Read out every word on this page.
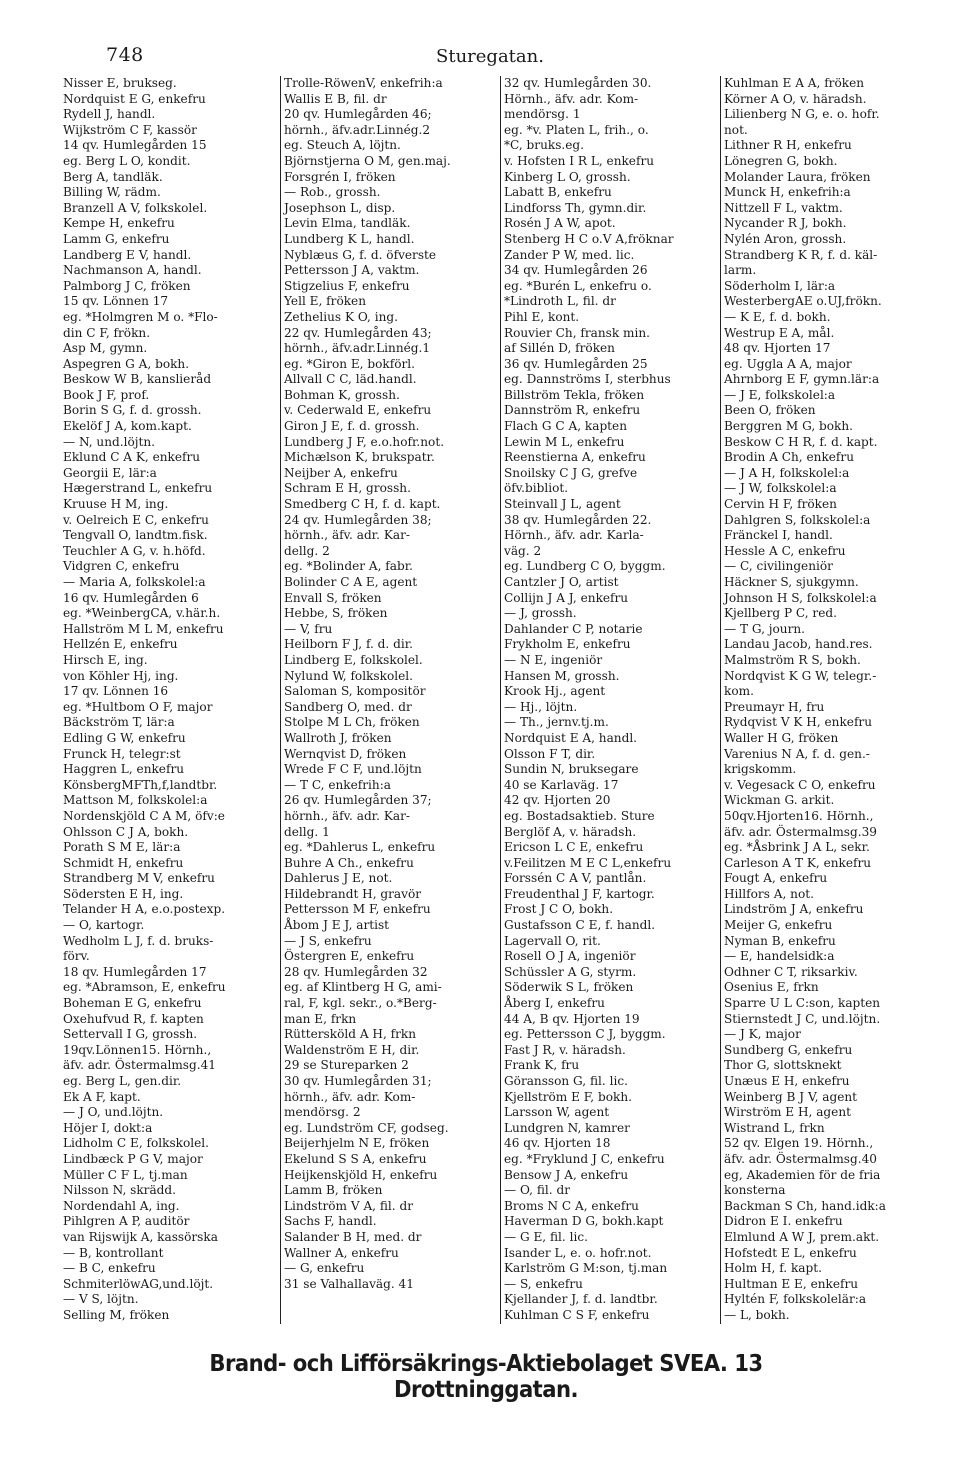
748	Sturegatan.
Nisser E, brukseg.
Nordquist E G, enkefru
Rydell J, handl.
Wijkström C F, kassör
14 qv. Humlegården 15
eg. Berg L O, kondit.
Berg A, tandläk.
Billing W, rädm.
Branzell A V, folkskolel.
Kempe H, enkefru
Lamm G, enkefru
Landberg E V, handl.
Nachmanson A, handl.
Palmborg J C, fröken
15 qv. Lönnen 17
eg. *Holmgren M o. *Flo-
din C F, frökn.
Asp M, gymn.
Aspegren G A, bokh.
Beskow W B, kanslieråd
Book J F, prof.
Borin S G, f. d. grossh.
Ekelöf J A, kom.kapt.
— N, und.löjtn.
Eklund C A K, enkefru
Georgii E, lär:a
Hægerstrand L, enkefru
Kruuse H M, ing.
v. Oelreich E C, enkefru
Tengvall O, landtm.fisk.
Teuchler A G, v. h.höfd.
Vidgren C, enkefru
— Maria A, folkskolel:a
16 qv. Humlegården 6
eg. *WeinbergCA, v.här.h.
Hallström M L M, enkefru
Hellzén E, enkefru
Hirsch E, ing.
von Köhler Hj, ing.
17 qv. Lönnen 16
eg. *Hultbom O F, major
Bäckström T, lär:a
Edling G W, enkefru
Frunck H, telegr:st
Haggren L, enkefru
KönsbergMFTh,f,landtbr.
Mattson M, folkskolel:a
Nordenskjöld C A M, öfv:e
Ohlsson C J A, bokh.
Porath S M E, lär:a
Schmidt H, enkefru
Strandberg M V, enkefru
Södersten E H, ing.
Telander H A, e.o.postexp.
— O, kartogr.
Wedholm L J, f. d. bruks-
förv.
18 qv. Humlegården 17
eg. *Abramson, E, enkefru
Boheman E G, enkefru
Oxehufvud R, f. kapten
Settervall I G, grossh.
19qv.Lönnen15. Hörnh.,
äfv. adr. Östermalmsg.41
eg. Berg L, gen.dir.
Ek A F, kapt.
— J O, und.löjtn.
Höjer I, dokt:a
Lidholm C E, folkskolel.
Lindbæck P G V, major
Müller C F L, tj.man
Nilsson N, skrädd.
Nordendahl A, ing.
Pihlgren A P, auditör
van Rijswijk A, kassörska
— B, kontrollant
— B C, enkefru
SchmiterlöwAG,und.löjt.
— V S, löjtn.
Selling M, fröken
Trolle-RöwenV, enkefrih:a
Wallis E B, fil. dr
20 qv. Humlegården 46;
hörnh., äfv.adr.Linnég.2
eg. Steuch A, löjtn.
Björnstjerna O M, gen.maj.
Forsgrén I, fröken
— Rob., grossh.
Josephson L, disp.
Levin Elma, tandläk.
Lundberg K L, handl.
Nyblæus G, f. d. öfverste
Pettersson J A, vaktm.
Stigzelius F, enkefru
Yell E, fröken
Zethelius K O, ing.
22 qv. Humlegården 43;
hörnh., äfv.adr.Linnég.1
eg. *Giron E, bokförl.
Allvall C C, läd.handl.
Bohman K, grossh.
v. Cederwald E, enkefru
Giron J E, f. d. grossh.
Lundberg J F, e.o.hofr.not.
Michælson K, brukspatr.
Neijber A, enkefru
Schram E H, grossh.
Smedberg C H, f. d. kapt.
24 qv. Humlegården 38;
hörnh., äfv. adr. Kar-
dellg. 2
eg. *Bolinder A, fabr.
Bolinder C A E, agent
Envall S, fröken
Hebbe, S, fröken
— V, fru
Heilborn F J, f. d. dir.
Lindberg E, folkskolel.
Nylund W, folkskolel.
Saloman S, kompositör
Sandberg O, med. dr
Stolpe M L Ch, fröken
Wallroth J, fröken
Wernqvist D, fröken
Wrede F C F, und.löjtn
— T C, enkefrih:a
26 qv. Humlegården 37;
hörnh., äfv. adr. Kar-
dellg. 1
eg. *Dahlerus L, enkefru
Buhre A Ch., enkefru
Dahlerus J E, not.
Hildebrandt H, gravör
Pettersson M F, enkefru
Åbom J E J, artist
— J S, enkefru
Östergren E, enkefru
28 qv. Humlegården 32
eg. af Klintberg H G, ami-
ral, F, kgl. sekr., o.*Berg-
man E, frkn
Rüttersköld A H, frkn
Waldenström E H, dir.
29 se Stureparken 2
30 qv. Humlegården 31;
hörnh., äfv. adr. Kom-
mendörsg. 2
eg. Lundström CF, godseg.
Beijerhjelm N E, fröken
Ekelund S S A, enkefru
Heijkenskjöld H, enkefru
Lamm B, fröken
Lindström V A, fil. dr
Sachs F, handl.
Salander B H, med. dr
Wallner A, enkefru
— G, enkefru
31 se Valhallaväg. 41
32 qv. Humlegården 30.
Hörnh., äfv. adr. Kom-
mendörsg. 1
eg. *v. Platen L, frih., o.
*C, bruks.eg.
v. Hofsten I R L, enkefru
Kinberg L O, grossh.
Labatt B, enkefru
Lindforss Th, gymn.dir.
Rosén J A W, apot.
Stenberg H C o.V A,fröknar
Zander P W, med. lic.
34 qv. Humlegården 26
eg. *Burén L, enkefru o.
*Lindroth L, fil. dr
Pihl E, kont.
Rouvier Ch, fransk min.
af Sillén D, fröken
36 qv. Humlegården 25
eg. Dannströms I, sterbhus
Billström Tekla, fröken
Dannström R, enkefru
Flach G C A, kapten
Lewin M L, enkefru
Reenstierna A, enkefru
Snoilsky C J G, grefve
öfv.bibliot.
Steinvall J L, agent
38 qv. Humlegården 22.
Hörnh., äfv. adr. Karla-
väg. 2
eg. Lundberg C O, byggm.
Cantzler J O, artist
Collijn J A J, enkefru
— J, grossh.
Dahlander C P, notarie
Frykholm E, enkefru
— N E, ingeniör
Hansen M, grossh.
Krook Hj., agent
— Hj., löjtn.
— Th., jernv.tj.m.
Nordquist E A, handl.
Olsson F T, dir.
Sundin N, bruksegare
40 se Karlaväg. 17
42 qv. Hjorten 20
eg. Bostadsaktieb. Sture
Berglöf A, v. häradsh.
Ericson L C E, enkefru
v.Feilitzen M E C L,enkefru
Forssén C A V, pantlån.
Freudenthal J F, kartogr.
Frost J C O, bokh.
Gustafsson C E, f. handl.
Lagervall O, rit.
Rosell O J A, ingeniör
Schüssler A G, styrm.
Söderwik S L, fröken
Åberg I, enkefru
44 A, B qv. Hjorten 19
eg. Pettersson C J, byggm.
Fast J R, v. häradsh.
Frank K, fru
Göransson G, fil. lic.
Kjellström E F, bokh.
Larsson W, agent
Lundgren N, kamrer
46 qv. Hjorten 18
eg. *Fryklund J C, enkefru
Bensow J A, enkefru
— O, fil. dr
Broms N C A, enkefru
Haverman D G, bokh.kapt
— G E, fil. lic.
Isander L, e. o. hofr.not.
Karlström G M:son, tj.man
— S, enkefru
Kjellander J, f. d. landtbr.
Kuhlman C S F, enkefru
Kuhlman E A A, fröken
Körner A O, v. häradsh.
Lilienberg N G, e. o. hofr.
not.
Lithner R H, enkefru
Lönegren G, bokh.
Molander Laura, fröken
Munck H, enkefrih:a
Nittzell F L, vaktm.
Nycander R J, bokh.
Nylén Aron, grossh.
Strandberg K R, f. d. käl-
larm.
Söderholm I, lär:a
WesterbergAE o.UJ,frökn.
— K E, f. d. bokh.
Westrup E A, mål.
48 qv. Hjorten 17
eg. Uggla A A, major
Ahrnborg E F, gymn.lär:a
— J E, folkskolel:a
Been O, fröken
Berggren M G, bokh.
Beskow C H R, f. d. kapt.
Brodin A Ch, enkefru
— J A H, folkskolel:a
— J W, folkskolel:a
Cervin H F, fröken
Dahlgren S, folkskolel:a
Fränckel I, handl.
Hessle A C, enkefru
— C, civilingeniör
Häckner S, sjukgymn.
Johnson H S, folkskolel:a
Kjellberg P C, red.
— T G, journ.
Landau Jacob, hand.res.
Malmström R S, bokh.
Nordqvist K G W, telegr.-
kom.
Preumayr H, fru
Rydqvist V K H, enkefru
Waller H G, fröken
Varenius N A, f. d. gen.-
krigskomm.
v. Vegesack C O, enkefru
Wickman G. arkit.
50qv.Hjorten16. Hörnh.,
äfv. adr. Östermalmsg.39
eg. *Åsbrink J A L, sekr.
Carleson A T K, enkefru
Fougt A, enkefru
Hillfors A, not.
Lindström J A, enkefru
Meijer G, enkefru
Nyman B, enkefru
— E, handelsidk:a
Odhner C T, riksarkiv.
Osenius E, frkn
Sparre U L C:son, kapten
Stiernstedt J C, und.löjtn.
— J K, major
Sundberg G, enkefru
Thor G, slottsknekt
Unæus E H, enkefru
Weinberg B J V, agent
Wirström E H, agent
Wistrand L, frkn
52 qv. Elgen 19. Hörnh.,
äfv. adr. Östermalmsg.40
eg, Akademien för de fria
konsterna
Backman S Ch, hand.idk:a
Didron E I. enkefru
Elmlund A W J, prem.akt.
Hofstedt E L, enkefru
Holm H, f. kapt.
Hultman E E, enkefru
Hyltén F, folkskolelär:a
— L, bokh.
Brand- och Lifförsäkrings-Aktiebolaget SVEA. 13 Drottninggatan.
